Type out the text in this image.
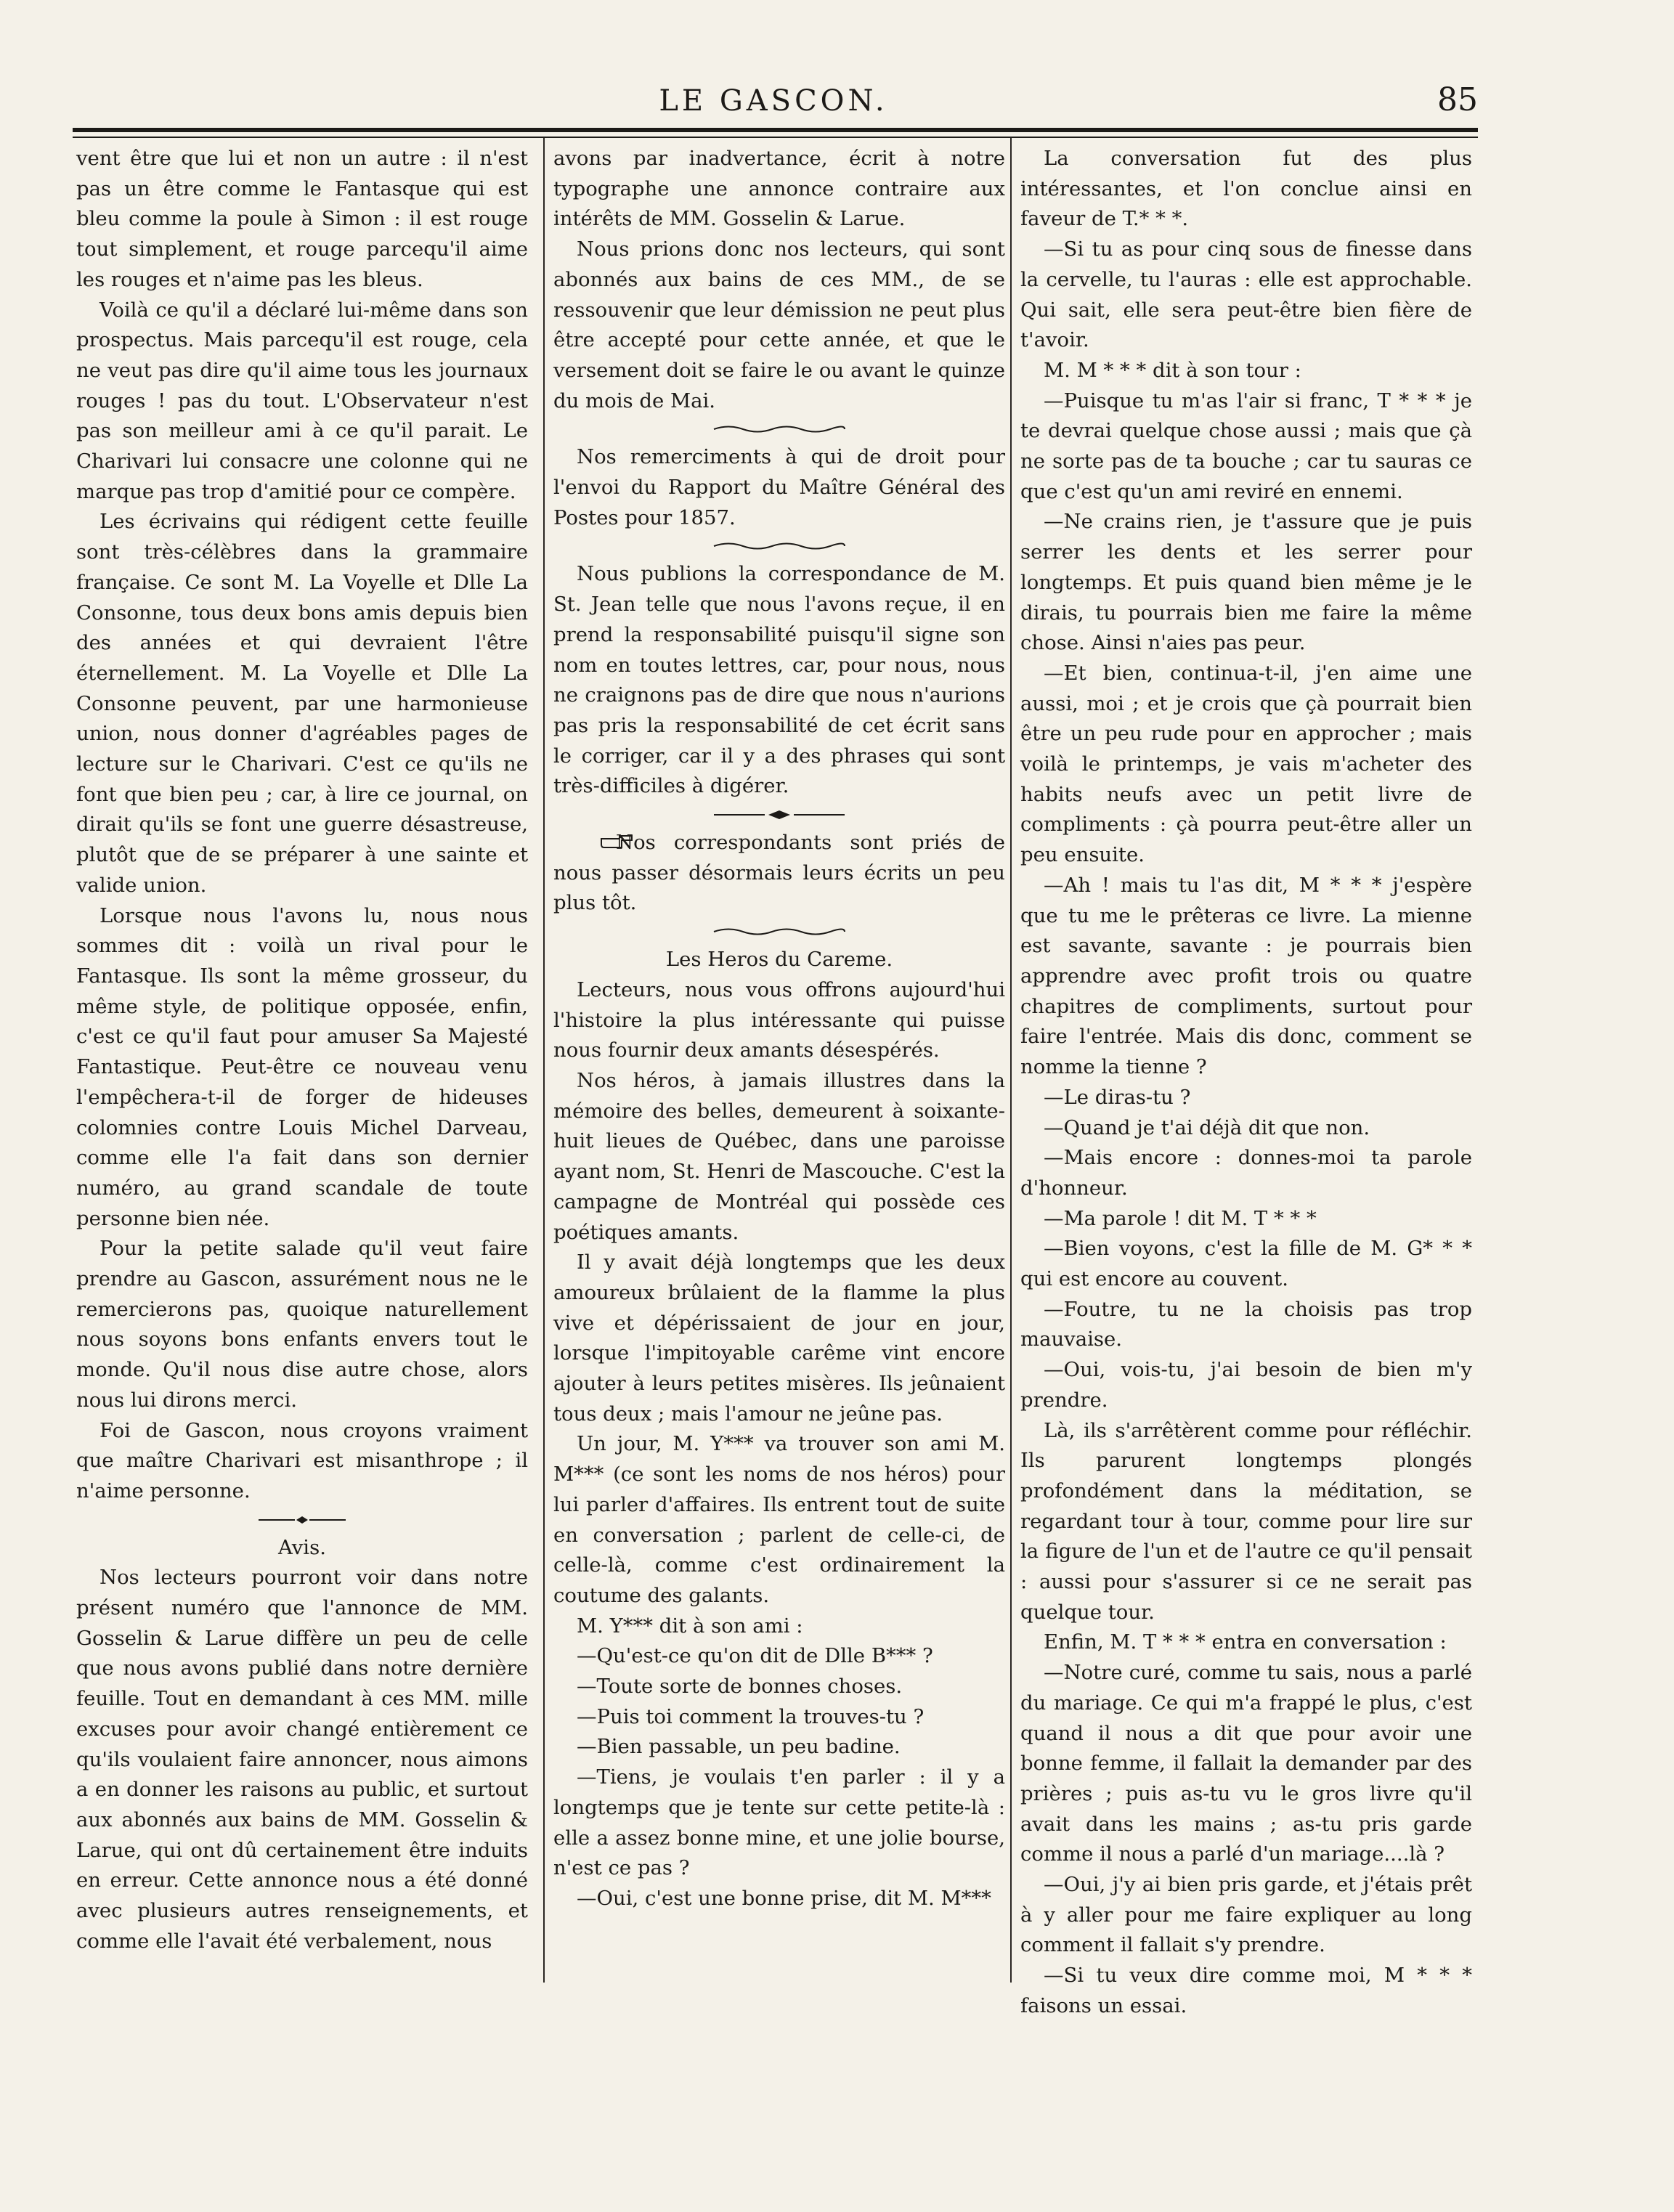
LE GASCON.	85

vent être que lui et non un autre : il n'est pas un être comme le Fantasque qui est bleu comme la poule à Simon : il est rouge tout simplement, et rouge parcequ'il aime les rouges et n'aime pas les bleus.

Voilà ce qu'il a déclaré lui-même dans son prospectus. Mais parcequ'il est rouge, cela ne veut pas dire qu'il aime tous les journaux rouges ! pas du tout. L'Observateur n'est pas son meilleur ami à ce qu'il parait. Le Charivari lui consacre une colonne qui ne marque pas trop d'amitié pour ce compère.

Les écrivains qui rédigent cette feuille sont très-célèbres dans la grammaire française. Ce sont M. La Voyelle et Dlle La Consonne, tous deux bons amis depuis bien des années et qui devraient l'être éternellement. M. La Voyelle et Dlle La Consonne peuvent, par une harmonieuse union, nous donner d'agréables pages de lecture sur le Charivari. C'est ce qu'ils ne font que bien peu ; car, à lire ce journal, on dirait qu'ils se font une guerre désastreuse, plutôt que de se préparer à une sainte et valide union.

Lorsque nous l'avons lu, nous nous sommes dit : voilà un rival pour le Fantasque. Ils sont la même grosseur, du même style, de politique opposée, enfin, c'est ce qu'il faut pour amuser Sa Majesté Fantastique. Peut-être ce nouveau venu l'empêchera-t-il de forger de hideuses colomnies contre Louis Michel Darveau, comme elle l'a fait dans son dernier numéro, au grand scandale de toute personne bien née.

Pour la petite salade qu'il veut faire prendre au Gascon, assurément nous ne le remercierons pas, quoique naturellement nous soyons bons enfants envers tout le monde. Qu'il nous dise autre chose, alors nous lui dirons merci.

Foi de Gascon, nous croyons vraiment que maître Charivari est misanthrope ; il n'aime personne.

Avis.

Nos lecteurs pourront voir dans notre présent numéro que l'annonce de MM. Gosselin & Larue diffère un peu de celle que nous avons publié dans notre dernière feuille. Tout en demandant à ces MM. mille excuses pour avoir changé entièrement ce qu'ils voulaient faire annoncer, nous aimons a en donner les raisons au public, et surtout aux abonnés aux bains de MM. Gosselin & Larue, qui ont dû certainement être induits en erreur. Cette annonce nous a été donné avec plusieurs autres renseignements, et comme elle l'avait été verbalement, nous

avons par inadvertance, écrit à notre typographe une annonce contraire aux intérêts de MM. Gosselin & Larue.

Nous prions donc nos lecteurs, qui sont abonnés aux bains de ces MM., de se ressouvenir que leur démission ne peut plus être accepté pour cette année, et que le versement doit se faire le ou avant le quinze du mois de Mai.

Nos remerciments à qui de droit pour l'envoi du Rapport du Maître Général des Postes pour 1857.

Nous publions la correspondance de M. St. Jean telle que nous l'avons reçue, il en prend la responsabilité puisqu'il signe son nom en toutes lettres, car, pour nous, nous ne craignons pas de dire que nous n'aurions pas pris la responsabilité de cet écrit sans le corriger, car il y a des phrases qui sont très-difficiles à digérer.

Nos correspondants sont priés de nous passer désormais leurs écrits un peu plus tôt.

Les Heros du Careme.

Lecteurs, nous vous offrons aujourd'hui l'histoire la plus intéressante qui puisse nous fournir deux amants désespérés.

Nos héros, à jamais illustres dans la mémoire des belles, demeurent à soixante-huit lieues de Québec, dans une paroisse ayant nom, St. Henri de Mascouche. C'est la campagne de Montréal qui possède ces poétiques amants.

Il y avait déjà longtemps que les deux amoureux brûlaient de la flamme la plus vive et dépérissaient de jour en jour, lorsque l'impitoyable carême vint encore ajouter à leurs petites misères. Ils jeûnaient tous deux ; mais l'amour ne jeûne pas.

Un jour, M. Y*** va trouver son ami M. M*** (ce sont les noms de nos héros) pour lui parler d'affaires. Ils entrent tout de suite en conversation ; parlent de celle-ci, de celle-là, comme c'est ordinairement la coutume des galants.

M. Y*** dit à son ami :

—Qu'est-ce qu'on dit de Dlle B*** ?

—Toute sorte de bonnes choses.

—Puis toi comment la trouves-tu ?

—Bien passable, un peu badine.

—Tiens, je voulais t'en parler : il y a longtemps que je tente sur cette petite-là : elle a assez bonne mine, et une jolie bourse, n'est ce pas ?

—Oui, c'est une bonne prise, dit M. M***

La conversation fut des plus intéressantes, et l'on conclue ainsi en faveur de T.* * *.

—Si tu as pour cinq sous de finesse dans la cervelle, tu l'auras : elle est approchable. Qui sait, elle sera peut-être bien fière de t'avoir.

M. M * * * dit à son tour :

—Puisque tu m'as l'air si franc, T * * * je te devrai quelque chose aussi ; mais que çà ne sorte pas de ta bouche ; car tu sauras ce que c'est qu'un ami reviré en ennemi.

—Ne crains rien, je t'assure que je puis serrer les dents et les serrer pour longtemps. Et puis quand bien même je le dirais, tu pourrais bien me faire la même chose. Ainsi n'aies pas peur.

—Et bien, continua-t-il, j'en aime une aussi, moi ; et je crois que çà pourrait bien être un peu rude pour en approcher ; mais voilà le printemps, je vais m'acheter des habits neufs avec un petit livre de compliments : çà pourra peut-être aller un peu ensuite.

—Ah ! mais tu l'as dit, M * * * j'espère que tu me le prêteras ce livre. La mienne est savante, savante : je pourrais bien apprendre avec profit trois ou quatre chapitres de compliments, surtout pour faire l'entrée. Mais dis donc, comment se nomme la tienne ?

—Le diras-tu ?

—Quand je t'ai déjà dit que non.

—Mais encore : donnes-moi ta parole d'honneur.

—Ma parole ! dit M. T * * *

—Bien voyons, c'est la fille de M. G* * * qui est encore au couvent.

—Foutre, tu ne la choisis pas trop mauvaise.

—Oui, vois-tu, j'ai besoin de bien m'y prendre.

Là, ils s'arrêtèrent comme pour réfléchir. Ils parurent longtemps plongés profondément dans la méditation, se regardant tour à tour, comme pour lire sur la figure de l'un et de l'autre ce qu'il pensait : aussi pour s'assurer si ce ne serait pas quelque tour.

Enfin, M. T * * * entra en conversation :

—Notre curé, comme tu sais, nous a parlé du mariage. Ce qui m'a frappé le plus, c'est quand il nous a dit que pour avoir une bonne femme, il fallait la demander par des prières ; puis as-tu vu le gros livre qu'il avait dans les mains ; as-tu pris garde comme il nous a parlé d'un mariage....là ?

—Oui, j'y ai bien pris garde, et j'étais prêt à y aller pour me faire expliquer au long comment il fallait s'y prendre.

—Si tu veux dire comme moi, M * * * faisons un essai.
